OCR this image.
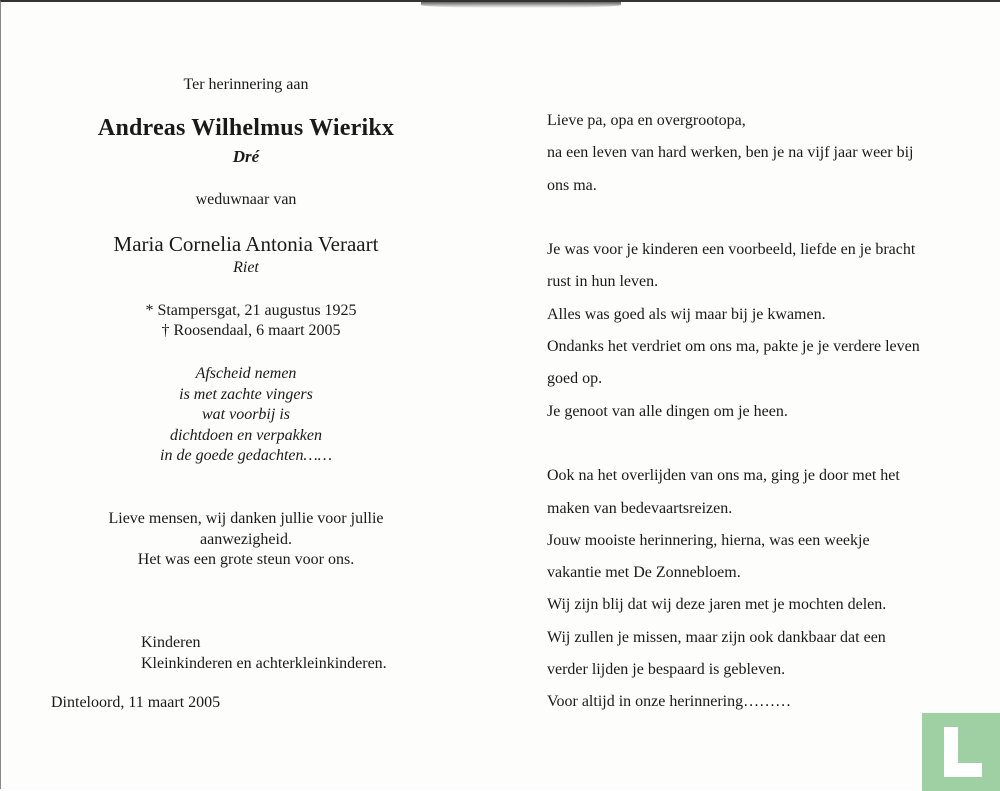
Ter herinnering aan
Andreas Wilhelmus Wierikx
Dré
weduwnaar van
Maria Cornelia Antonia Veraart
Riet
* Stampersgat, 21 augustus 1925
† Roosendaal, 6 maart 2005
Afscheid nemen
is met zachte vingers
wat voorbij is
dichtdoen en verpakken
in de goede gedachten……
Lieve mensen, wij danken jullie voor jullie
aanwezigheid.
Het was een grote steun voor ons.
Kinderen
Kleinkinderen en achterkleinkinderen.
Dinteloord, 11 maart 2005

Lieve pa, opa en overgrootopa,

na een leven van hard werken, ben je na vijf jaar weer bij

ons ma.

Je was voor je kinderen een voorbeeld, liefde en je bracht

rust in hun leven.

Alles was goed als wij maar bij je kwamen.

Ondanks het verdriet om ons ma, pakte je je verdere leven

goed op.

Je genoot van alle dingen om je heen.

Ook na het overlijden van ons ma, ging je door met het

maken van bedevaartsreizen.

Jouw mooiste herinnering, hierna, was een weekje

vakantie met De Zonnebloem.

Wij zijn blij dat wij deze jaren met je mochten delen.

Wij zullen je missen, maar zijn ook dankbaar dat een

verder lijden je bespaard is gebleven.

Voor altijd in onze herinnering………
